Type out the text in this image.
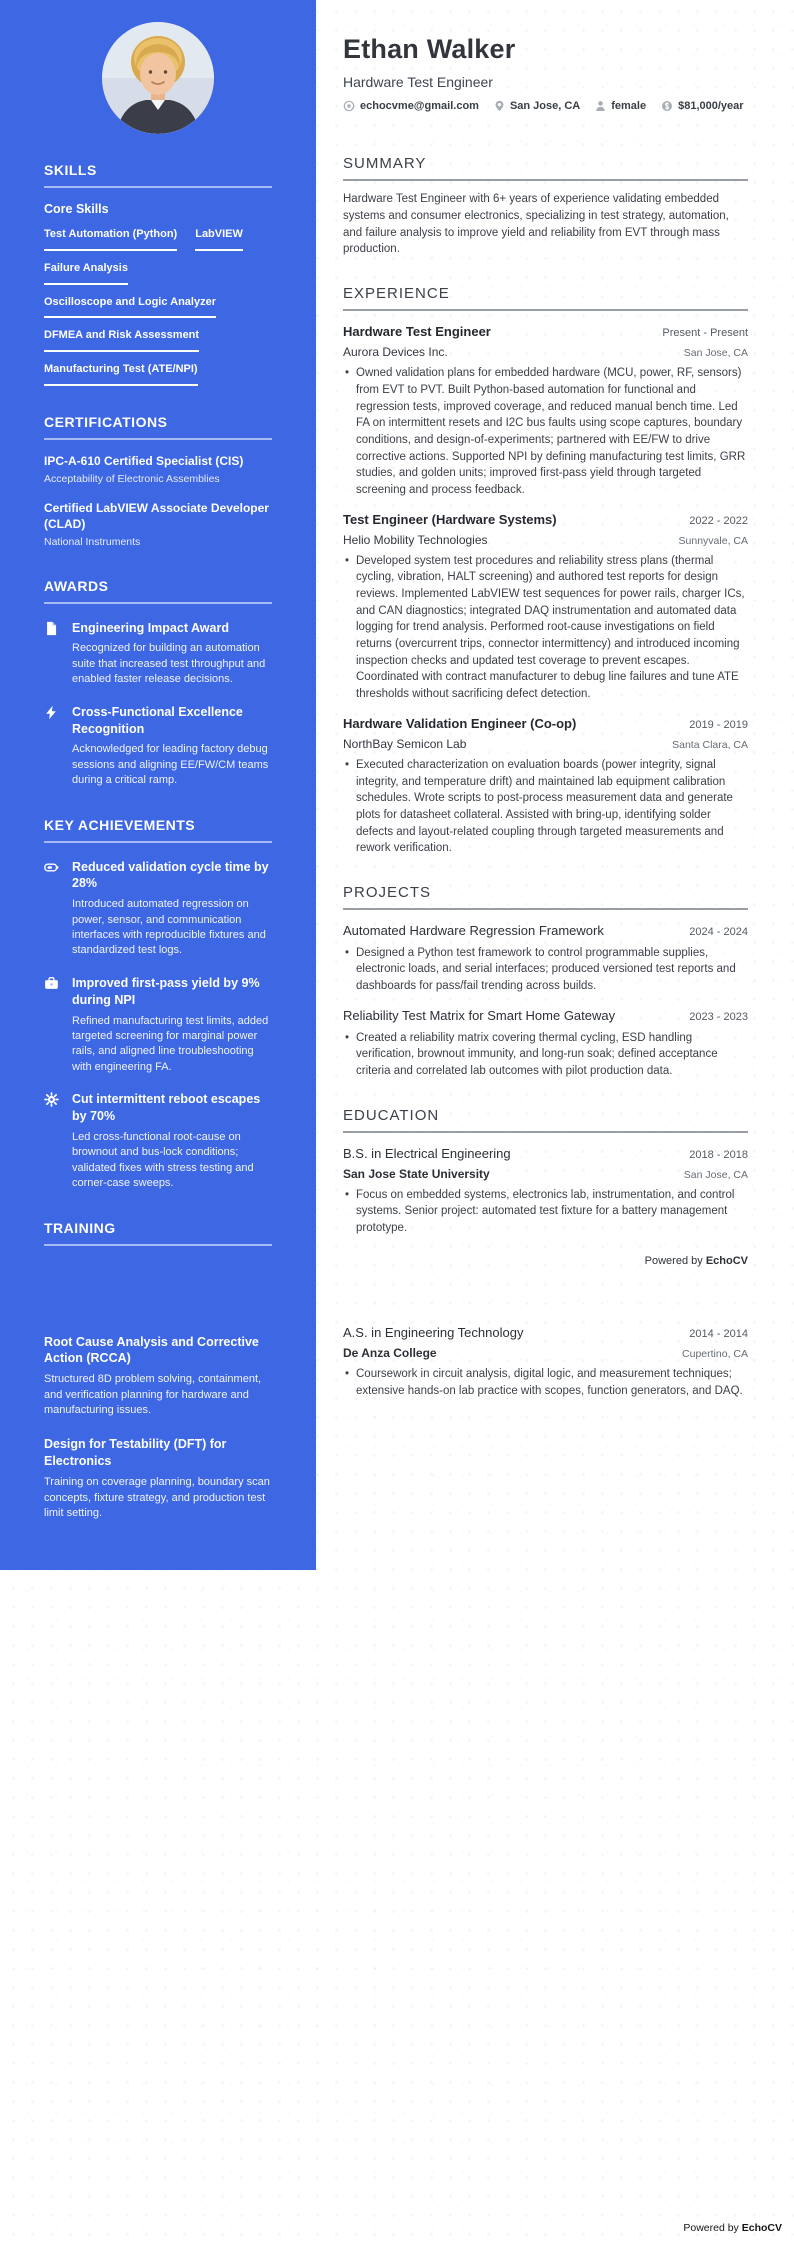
SKILLS
Core Skills
Test Automation (Python) LabVIEW
Failure Analysis
Oscilloscope and Logic Analyzer
DFMEA and Risk Assessment
Manufacturing Test (ATE/NPI)
CERTIFICATIONS
IPC-A-610 Certified Specialist (CIS)
Acceptability of Electronic Assemblies
Certified LabVIEW Associate Developer (CLAD)
National Instruments
AWARDS
Engineering Impact Award
Recognized for building an automation suite that increased test throughput and enabled faster release decisions.
Cross-Functional Excellence Recognition
Acknowledged for leading factory debug sessions and aligning EE/FW/CM teams during a critical ramp.
KEY ACHIEVEMENTS
Reduced validation cycle time by 28%
Introduced automated regression on power, sensor, and communication interfaces with reproducible fixtures and standardized test logs.
Improved first-pass yield by 9% during NPI
Refined manufacturing test limits, added targeted screening for marginal power rails, and aligned line troubleshooting with engineering FA.
Cut intermittent reboot escapes by 70%
Led cross-functional root-cause on brownout and bus-lock conditions; validated fixes with stress testing and corner-case sweeps.
TRAINING
Root Cause Analysis and Corrective Action (RCCA)
Structured 8D problem solving, containment, and verification planning for hardware and manufacturing issues.
Design for Testability (DFT) for Electronics
Training on coverage planning, boundary scan concepts, fixture strategy, and production test limit setting.
Ethan Walker
Hardware Test Engineer
echocvme@gmail.com	San Jose, CA	female	$81,000/year
SUMMARY
Hardware Test Engineer with 6+ years of experience validating embedded systems and consumer electronics, specializing in test strategy, automation, and failure analysis to improve yield and reliability from EVT through mass production.
EXPERIENCE
Hardware Test Engineer	Present - Present
Aurora Devices Inc.	San Jose, CA
• Owned validation plans for embedded hardware (MCU, power, RF, sensors) from EVT to PVT. Built Python-based automation for functional and regression tests, improved coverage, and reduced manual bench time. Led FA on intermittent resets and I2C bus faults using scope captures, boundary conditions, and design-of-experiments; partnered with EE/FW to drive corrective actions. Supported NPI by defining manufacturing test limits, GRR studies, and golden units; improved first-pass yield through targeted screening and process feedback.
Test Engineer (Hardware Systems)	2022 - 2022
Helio Mobility Technologies	Sunnyvale, CA
• Developed system test procedures and reliability stress plans (thermal cycling, vibration, HALT screening) and authored test reports for design reviews. Implemented LabVIEW test sequences for power rails, charger ICs, and CAN diagnostics; integrated DAQ instrumentation and automated data logging for trend analysis. Performed root-cause investigations on field returns (overcurrent trips, connector intermittency) and introduced incoming inspection checks and updated test coverage to prevent escapes. Coordinated with contract manufacturer to debug line failures and tune ATE thresholds without sacrificing defect detection.
Hardware Validation Engineer (Co-op)	2019 - 2019
NorthBay Semicon Lab	Santa Clara, CA
• Executed characterization on evaluation boards (power integrity, signal integrity, and temperature drift) and maintained lab equipment calibration schedules. Wrote scripts to post-process measurement data and generate plots for datasheet collateral. Assisted with bring-up, identifying solder defects and layout-related coupling through targeted measurements and rework verification.
PROJECTS
Automated Hardware Regression Framework	2024 - 2024
• Designed a Python test framework to control programmable supplies, electronic loads, and serial interfaces; produced versioned test reports and dashboards for pass/fail trending across builds.
Reliability Test Matrix for Smart Home Gateway	2023 - 2023
• Created a reliability matrix covering thermal cycling, ESD handling verification, brownout immunity, and long-run soak; defined acceptance criteria and correlated lab outcomes with pilot production data.
EDUCATION
B.S. in Electrical Engineering	2018 - 2018
San Jose State University	San Jose, CA
• Focus on embedded systems, electronics lab, instrumentation, and control systems. Senior project: automated test fixture for a battery management prototype.
Powered by EchoCV
A.S. in Engineering Technology	2014 - 2014
De Anza College	Cupertino, CA
• Coursework in circuit analysis, digital logic, and measurement techniques; extensive hands-on lab practice with scopes, function generators, and DAQ.
Powered by EchoCV
